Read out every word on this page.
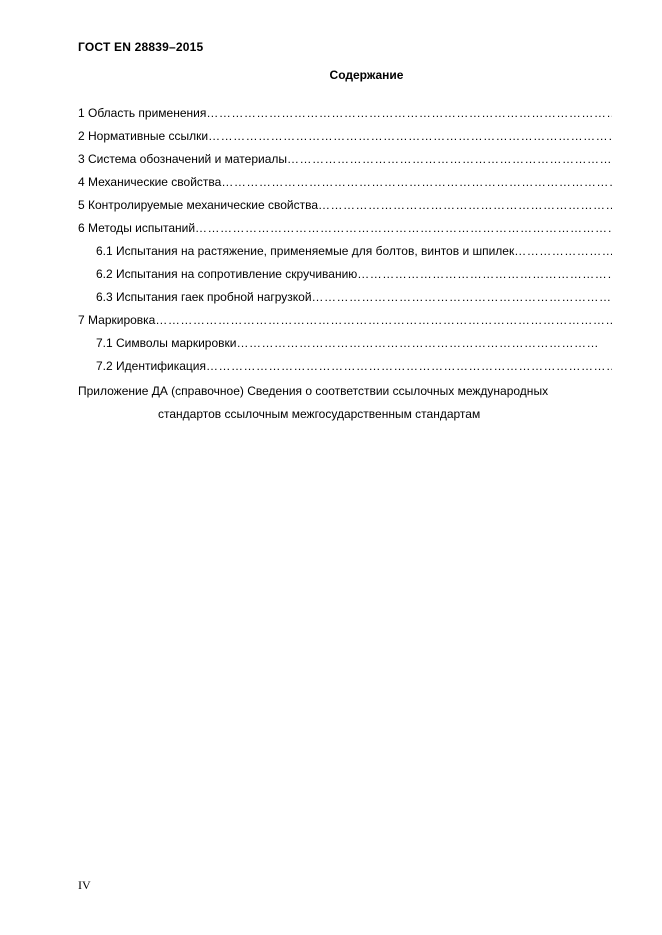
ГОСТ EN 28839–2015
Содержание
1 Область применения
………………………………………………………………………………………………………………………………………………
2 Нормативные ссылки
………………………………………………………………………………………………………………………………………………
3 Система обозначений и материалы
………………………………………………………………………………………………………………………………………………
4 Механические свойства
………………………………………………………………………………………………………………………………………………
5 Контролируемые механические свойства
………………………………………………………………………………………………………………………………………………
6 Методы испытаний
………………………………………………………………………………………………………………………………………………
6.1 Испытания на растяжение, применяемые для болтов, винтов и шпилек
………………………………………………………………………………………………………………………………………………
6.2 Испытания на сопротивление скручиванию
………………………………………………………………………………………………………………………………………………
6.3 Испытания гаек пробной нагрузкой
………………………………………………………………………………………………………………………………………………
7 Маркировка
………………………………………………………………………………………………………………………………………………
7.1 Символы маркировки
………………………………………………………………………………………………………………………………………………
7.2 Идентификация
………………………………………………………………………………………………………………………………………………
Приложение ДА (справочное) Сведения о соответствии ссылочных международных
стандартов ссылочным межгосударственным стандартам
IV
